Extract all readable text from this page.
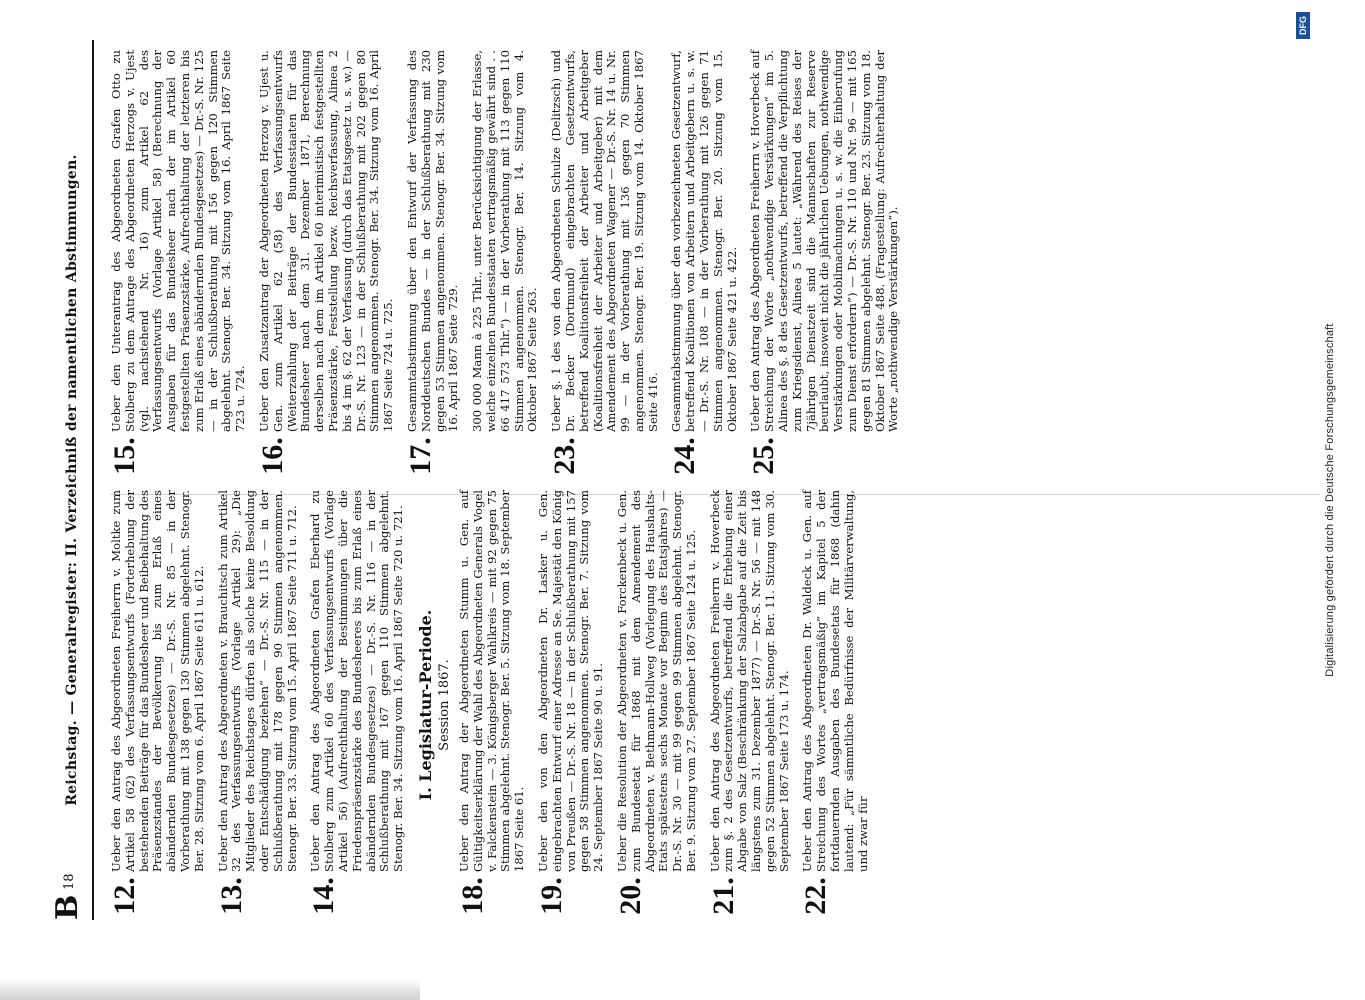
B
18
Reichstag. — Generalregister: II. Verzeichniß der namentlichen Abstimmungen.
12.
Ueber den Antrag des Abgeordneten Freiherrn v. Moltke zum Artikel 58 (62) des Verfassungsentwurfs (Forterhebung der bestehenden Beiträge für das Bundesheer und Beibehaltung des Präsenzstandes der Bevölkerung bis zum Erlaß eines abändernden Bundesgesetzes) — Dr.-S. Nr. 85 — in der Vorberathung mit 138 gegen 130 Stimmen abgelehnt. Stenogr. Ber. 28. Sitzung vom 6. April 1867 Seite 611 u. 612.
13.
Ueber den Antrag des Abgeordneten v. Brauchitsch zum Artikel 32 des Verfassungsentwurfs (Vorlage Artikel 29): „Die Mitglieder des Reichstages dürfen als solche keine Besoldung oder Entschädigung beziehen“ — Dr.-S. Nr. 115 — in der Schlußberathung mit 178 gegen 90 Stimmen angenommen. Stenogr. Ber. 33. Sitzung vom 15. April 1867 Seite 711 u. 712.
14.
Ueber den Antrag des Abgeordneten Grafen Eberhard zu Stolberg zum Artikel 60 des Verfassungsentwurfs (Vorlage Artikel 56) (Aufrechthaltung der Bestimmungen über die Friedenspräsenzstärke des Bundesheeres bis zum Erlaß eines abändernden Bundesgesetzes) — Dr.-S. Nr. 116 — in der Schlußberathung mit 167 gegen 110 Stimmen abgelehnt. Stenogr. Ber. 34. Sitzung vom 16. April 1867 Seite 720 u. 721. I. Legislatur-Periode. Session 1867.
18.
Ueber den Antrag der Abgeordneten Stumm u. Gen. auf Gültigkeitserklärung der Wahl des Abgeordneten Generals Vogel v. Falckenstein — 3. Königsberger Wahlkreis — mit 92 gegen 75 Stimmen abgelehnt. Stenogr. Ber. 5. Sitzung vom 18. September 1867 Seite 61.
19.
Ueber den von den Abgeordneten Dr. Lasker u. Gen. eingebrachten Entwurf einer Adresse an Se. Majestät den König von Preußen — Dr.-S. Nr. 18 — in der Schlußberathung mit 157 gegen 58 Stimmen angenommen. Stenogr. Ber. 7. Sitzung vom 24. September 1867 Seite 90 u. 91.
20.
Ueber die Resolution der Abgeordneten v. Forckenbeck u. Gen. zum Bundesetat für 1868 mit dem Amendement des Abgeordneten v. Bethmann-Hollweg (Vorlegung des Haushalts-Etats spätestens sechs Monate vor Beginn des Etatsjahres) — Dr.-S. Nr. 30 — mit 99 gegen 99 Stimmen abgelehnt. Stenogr. Ber. 9. Sitzung vom 27. September 1867 Seite 124 u. 125.
21.
Ueber den Antrag des Abgeordneten Freiherrn v. Hoverbeck zum §. 2 des Gesetzentwurfs, betreffend die Erhebung einer Abgabe von Salz (Beschränkung der Salzabgabe auf die Zeit bis längstens zum 31. Dezember 1877) — Dr.-S. Nr. 56 — mit 148 gegen 52 Stimmen abgelehnt. Stenogr. Ber. 11. Sitzung vom 30. September 1867 Seite 173 u. 174.
22.
Ueber den Antrag des Abgeordneten Dr. Waldeck u. Gen. auf Streichung des Wortes „vertragsmäßig“ im Kapitel 5 der fortdauernden Ausgaben des Bundesetats für 1868 (dahin lautend: „Für sämmtliche Bedürfnisse der Militärverwaltung, und zwar für
15.
Ueber den Unterantrag des Abgeordneten Grafen Otto zu Stolberg zu dem Antrage des Abgeordneten Herzogs v. Ujest (vgl. nachstehend Nr. 16) zum Artikel 62 des Verfassungsentwurfs (Vorlage Artikel 58) (Berechnung der Ausgaben für das Bundesheer nach der im Artikel 60 festgestellten Präsenzstärke, Aufrechthaltung der letzteren bis zum Erlaß eines abändernden Bundesgesetzes) — Dr.-S. Nr. 125 — in der Schlußberathung mit 156 gegen 120 Stimmen abgelehnt. Stenogr. Ber. 34. Sitzung vom 16. April 1867 Seite 723 u. 724.
16.
Ueber den Zusatzantrag der Abgeordneten Herzog v. Ujest u. Gen. zum Artikel 62 (58) des Verfassungsentwurfs (Weiterzahlung der Beiträge der Bundesstaaten für das Bundesheer nach dem 31. Dezember 1871, Berechnung derselben nach dem im Artikel 60 interimistisch festgestellten Präsenzstärke, Feststellung bezw. Reichsverfassung, Alinea 2 bis 4 im §. 62 der Verfassung (durch das Etatsgesetz u. s. w.) — Dr.-S. Nr. 123 — in der Schlußberathung mit 202 gegen 80 Stimmen angenommen. Stenogr. Ber. 34. Sitzung vom 16. April 1867 Seite 724 u. 725.
17.
Gesammtabstimmung über den Entwurf der Verfassung des Norddeutschen Bundes — in der Schlußberathung mit 230 gegen 53 Stimmen angenommen. Stenogr. Ber. 34. Sitzung vom 16. April 1867 Seite 729. 300 000 Mann à 225 Thlr., unter Berücksichtigung der Erlasse, welche einzelnen Bundesstaaten vertragsmäßig gewährt sind . . 66 417 573 Thlr.“) — in der Vorberathung mit 113 gegen 110 Stimmen angenommen. Stenogr. Ber. 14. Sitzung vom 4. Oktober 1867 Seite 263.
23.
Ueber §. 1 des von den Abgeordneten Schulze (Delitzsch) und Dr. Becker (Dortmund) eingebrachten Gesetzentwurfs, betreffend Koalitionsfreiheit der Arbeiter und Arbeitgeber (Koalitionsfreiheit der Arbeiter und Arbeitgeber) mit dem Amendement des Abgeordneten Wagener — Dr.-S. Nr. 14 u. Nr. 99 — in der Vorberathung mit 136 gegen 70 Stimmen angenommen. Stenogr. Ber. 19. Sitzung vom 14. Oktober 1867 Seite 416.
24.
Gesammtabstimmung über den vorbezeichneten Gesetzentwurf, betreffend Koalitionen von Arbeitern und Arbeitgebern u. s. w. — Dr.-S. Nr. 108 — in der Vorberathung mit 126 gegen 71 Stimmen angenommen. Stenogr. Ber. 20. Sitzung vom 15. Oktober 1867 Seite 421 u. 422.
25.
Ueber den Antrag des Abgeordneten Freiherrn v. Hoverbeck auf Streichung der Worte „nothwendige Verstärkungen“ im 5. Alinea des §. 8 des Gesetzentwurfs, betreffend die Verpflichtung zum Kriegsdienst, Alinea 5 lautet: „Während des Reises der 7jährigen Dienstzeit sind die Mannschaften zur Reserve beurlaubt, insoweit nicht die jährlichen Uebungen, nothwendige Verstärkungen oder Mobilmachungen u. s. w. die Einberufung zum Dienst erfordern“) — Dr.-S. Nr. 110 und Nr. 96 — mit 165 gegen 81 Stimmen abgelehnt. Stenogr. Ber. 23. Sitzung vom 18. Oktober 1867 Seite 488. (Fragestellung: Aufrechterhaltung der Worte „nothwendige Verstärkungen“).
Digitalisierung gefördert durch die Deutsche Forschungsgemeinschaft
DFG
